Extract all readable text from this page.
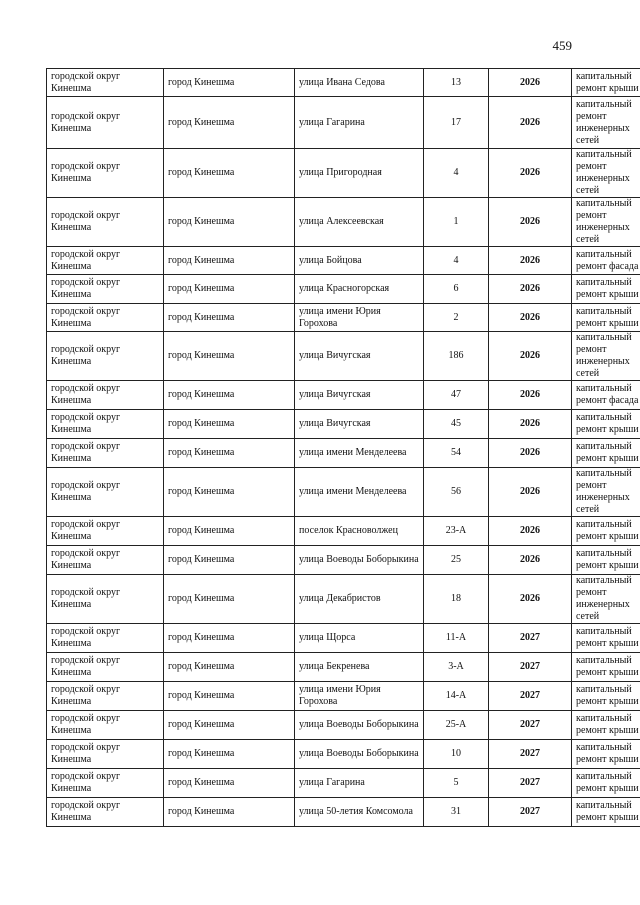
459
городской округ Кинешма	город Кинешма	улица Ивана Седова	13	2026	капитальный ремонт крыши
городской округ Кинешма	город Кинешма	улица Гагарина	17	2026	капитальный ремонт инженерных сетей
городской округ Кинешма	город Кинешма	улица Пригородная	4	2026	капитальный ремонт инженерных сетей
городской округ Кинешма	город Кинешма	улица Алексеевская	1	2026	капитальный ремонт инженерных сетей
городской округ Кинешма	город Кинешма	улица Бойцова	4	2026	капитальный ремонт фасада
городской округ Кинешма	город Кинешма	улица Красногорская	6	2026	капитальный ремонт крыши
городской округ Кинешма	город Кинешма	улица имени Юрия Горохова	2	2026	капитальный ремонт крыши
городской округ Кинешма	город Кинешма	улица Вичугская	186	2026	капитальный ремонт инженерных сетей
городской округ Кинешма	город Кинешма	улица Вичугская	47	2026	капитальный ремонт фасада
городской округ Кинешма	город Кинешма	улица Вичугская	45	2026	капитальный ремонт крыши
городской округ Кинешма	город Кинешма	улица имени Менделеева	54	2026	капитальный ремонт крыши
городской округ Кинешма	город Кинешма	улица имени Менделеева	56	2026	капитальный ремонт инженерных сетей
городской округ Кинешма	город Кинешма	поселок Красноволжец	23-А	2026	капитальный ремонт крыши
городской округ Кинешма	город Кинешма	улица Воеводы Боборыкина	25	2026	капитальный ремонт крыши
городской округ Кинешма	город Кинешма	улица Декабристов	18	2026	капитальный ремонт инженерных сетей
городской округ Кинешма	город Кинешма	улица Щорса	11-А	2027	капитальный ремонт крыши
городской округ Кинешма	город Кинешма	улица Бекренева	3-А	2027	капитальный ремонт крыши
городской округ Кинешма	город Кинешма	улица имени Юрия Горохова	14-А	2027	капитальный ремонт крыши
городской округ Кинешма	город Кинешма	улица Воеводы Боборыкина	25-А	2027	капитальный ремонт крыши
городской округ Кинешма	город Кинешма	улица Воеводы Боборыкина	10	2027	капитальный ремонт крыши
городской округ Кинешма	город Кинешма	улица Гагарина	5	2027	капитальный ремонт крыши
городской округ Кинешма	город Кинешма	улица 50-летия Комсомола	31	2027	капитальный ремонт крыши
